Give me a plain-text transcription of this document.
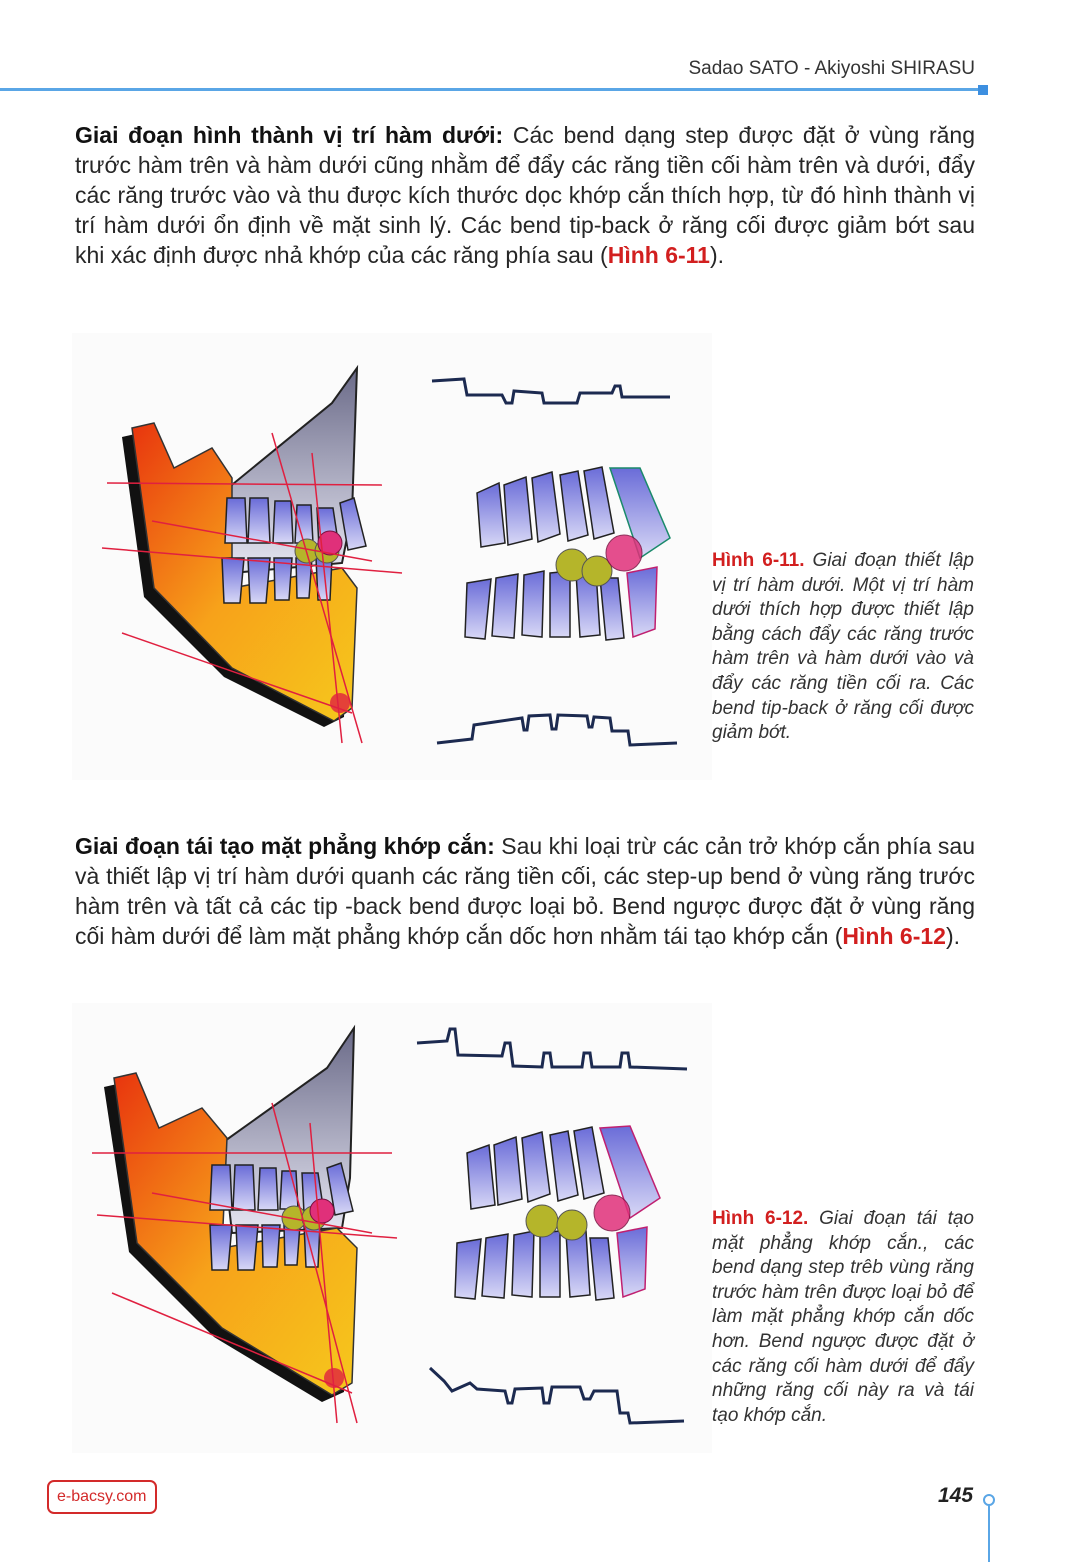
Sadao SATO - Akiyoshi SHIRASU
Giai đoạn hình thành vị trí hàm dưới: Các bend dạng step được đặt ở vùng răng trước hàm trên và hàm dưới cũng nhằm để đẩy các răng tiền cối hàm trên và dưới, đẩy các răng trước vào và thu được kích thước dọc khớp cắn thích hợp, từ đó hình thành vị trí hàm dưới ổn định về mặt sinh lý. Các bend tip-back ở răng cối được giảm bớt sau khi xác định được nhả khớp của các răng phía sau (Hình 6-11).
Hình 6-11. Giai đoạn thiết lập vị trí hàm dưới. Một vị trí hàm dưới thích hợp được thiết lập bằng cách đẩy các răng trước hàm trên và hàm dưới vào và đẩy các răng tiền cối ra. Các bend tip-back ở răng cối được giảm bớt.
Giai đoạn tái tạo mặt phẳng khớp cắn: Sau khi loại trừ các cản trở khớp cắn phía sau và thiết lập vị trí hàm dưới quanh các răng tiền cối, các step-up bend ở vùng răng trước hàm trên và tất cả các tip -back bend được loại bỏ. Bend ngược được đặt ở vùng răng cối hàm dưới để làm mặt phẳng khớp cắn dốc hơn nhằm tái tạo khớp cắn (Hình 6-12).
Hình 6-12. Giai đoạn tái tạo mặt phẳng khớp cắn., các bend dạng step trêb vùng răng trước hàm trên được loại bỏ để làm mặt phẳng khớp cắn dốc hơn. Bend ngược được đặt ở các răng cối hàm dưới để đẩy những răng cối này ra và tái tạo khớp cắn.
e-bacsy.com	145
